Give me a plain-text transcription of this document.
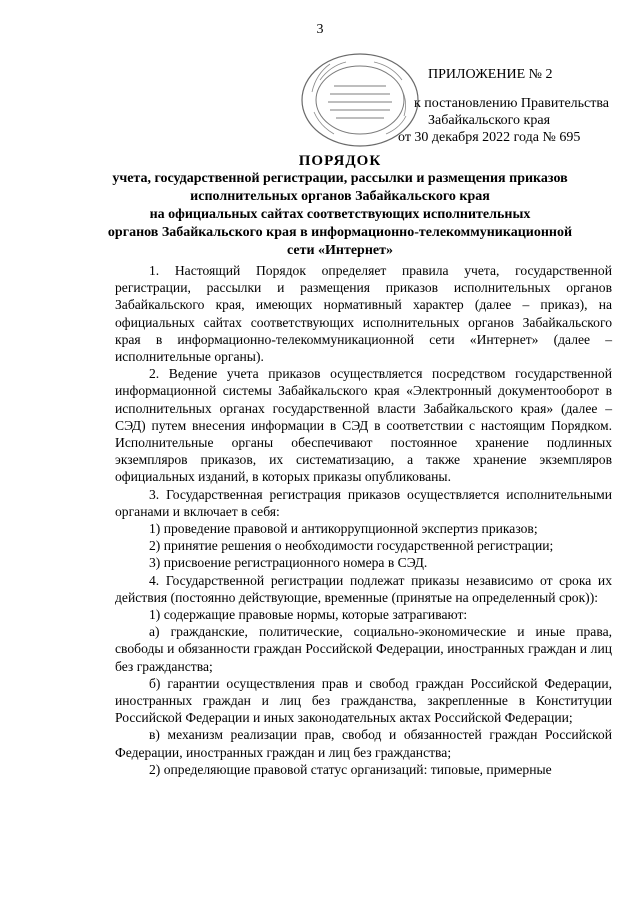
3
ПРИЛОЖЕНИЕ № 2
к постановлению Правительства
Забайкальского края
от 30 декабря 2022 года № 695
ПОРЯДОК
учета, государственной регистрации, рассылки и размещения приказов
исполнительных органов Забайкальского края
на официальных сайтах соответствующих исполнительных
органов Забайкальского края в информационно-телекоммуникационной
сети «Интернет»

1. Настоящий Порядок определяет правила учета, государственной регистрации, рассылки и размещения приказов исполнительных органов Забайкальского края, имеющих нормативный характер (далее – приказ), на официальных сайтах соответствующих исполнительных органов Забайкальского края в информационно-телекоммуникационной сети «Интернет» (далее – исполнительные органы).

2. Ведение учета приказов осуществляется посредством государственной информационной системы Забайкальского края «Электронный документооборот в исполнительных органах государственной власти Забайкальского края» (далее – СЭД) путем внесения информации в СЭД в соответствии с настоящим Порядком. Исполнительные органы обеспечивают постоянное хранение подлинных экземпляров приказов, их систематизацию, а также хранение экземпляров официальных изданий, в которых приказы опубликованы.

3. Государственная регистрация приказов осуществляется исполнительными органами и включает в себя:

1) проведение правовой и антикоррупционной экспертиз приказов;

2) принятие решения о необходимости государственной регистрации;

3) присвоение регистрационного номера в СЭД.

4. Государственной регистрации подлежат приказы независимо от срока их действия (постоянно действующие, временные (принятые на определенный срок)):

1) содержащие правовые нормы, которые затрагивают:

а) гражданские, политические, социально-экономические и иные права, свободы и обязанности граждан Российской Федерации, иностранных граждан и лиц без гражданства;

б) гарантии осуществления прав и свобод граждан Российской Федерации, иностранных граждан и лиц без гражданства, закрепленные в Конституции Российской Федерации и иных законодательных актах Российской Федерации;

в) механизм реализации прав, свобод и обязанностей граждан Российской Федерации, иностранных граждан и лиц без гражданства;

2) определяющие правовой статус организаций: типовые, примерные
